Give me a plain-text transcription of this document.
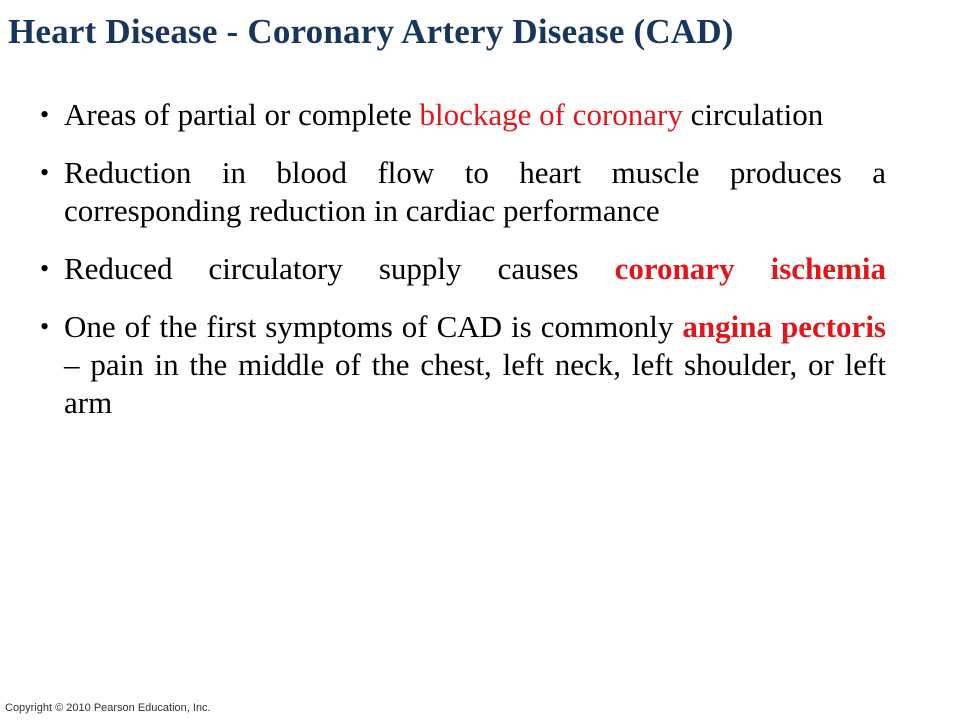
Heart Disease - Coronary Artery Disease (CAD)
• Areas of partial or complete blockage of coronary circulation
• Reduction in blood flow to heart muscle produces a corresponding reduction in cardiac performance
• Reduced circulatory supply causes coronary ischemia
• One of the first symptoms of CAD is commonly angina pectoris – pain in the middle of the chest, left neck, left shoulder, or left arm
Copyright © 2010 Pearson Education, Inc.
